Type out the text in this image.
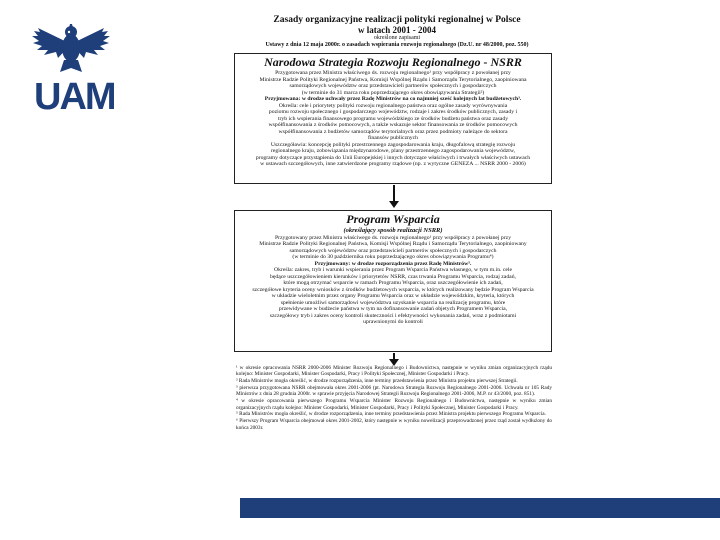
UAM
Zasady organizacyjne realizacji polityki regionalnej w Polsce
w latach 2001 - 2004
określone zapisami
Ustawy z dnia 12 maja 2000r. o zasadach wspierania rozwoju regionalnego (Dz.U. nr 48/2000, poz. 550)
Narodowa Strategia Rozwoju Regionalnego - NSRR
Przygotowana przez Ministra właściwego ds. rozwoju regionalnego¹ przy współpracy z powołanej przy
Ministrze Radzie Polityki Regionalnej Państwa, Komisji Wspólnej Rządu i Samorządu Terytorialnego, zaopiniowana
samorządowych województw oraz przedstawicieli partnerów społecznych i gospodarczych
(w terminie do 31 marca roku poprzedzającego okres obowiązywania Strategii²)
Przyjmowana: w drodze uchwały przez Radę Ministrów na co najmniej sześć kolejnych lat budżetowych³.
Określa: cele i priorytety polityki rozwoju regionalnego państwa oraz ogólne zasady wyrównywania
poziomu rozwoju społecznego i gospodarczego województw, rodzaje i zakres środków publicznych, zasady i
tryb ich wspierania finansowego programu wojewódzkiego ze środków budżetu państwa oraz zasady
współfinansowania z środków pomocowych, a także wskazuje sektor finansowania ze środków pomocowych
współfinansowania z budżetów samorządów terytorialnych oraz przez podmioty należące do sektora
finansów publicznych
Uszczegóławia: koncepcję polityki przestrzennego zagospodarowania kraju, długofalową strategię rozwoju
regionalnego kraju, zobowiązania międzynarodowe, plany przestrzennego zagospodarowania województw,
programy dotyczące przystąpienia do Unii Europejskiej i innych dotyczące właściwych i trwałych właściwych ustawach
w ustawach szczegółowych, inne zatwierdzone programy rządowe (np. z wytyczne GENEZA ... NSRR 2000 - 2006)
Program Wsparcia
(określający sposób realizacji NSRR)
Przygotowany przez Ministra właściwego ds. rozwoju regionalnego¹ przy współpracy z powołanej przy
Ministrze Radzie Polityki Regionalnej Państwa, Komisji Wspólnej Rządu i Samorządu Terytorialnego, zaopiniowany
samorządowych województw oraz przedstawicieli partnerów społecznych i gospodarczych
(w terminie do 30 października roku poprzedzającego okres obowiązywania Programu⁴)
Przyjmowany: w drodze rozporządzenia przez Radę Ministrów⁵.
Określa: zakres, tryb i warunki wspierania przez Program Wsparcia Państwa własnego, w tym m.in. cele
będące uszczegółowieniem kierunków i priorytetów NSRR, czas trwania Programu Wsparcia, rodzaj zadań,
które mogą otrzymać wsparcie w ramach Programu Wsparcia, oraz uszczegółowienie ich zadań,
szczegółowe kryteria oceny wniosków z środków budżetowych wsparcia, w których realizowany będzie Program Wsparcia
w układzie wieloletnim przez organy Programu Wsparcia oraz w układzie wojewódzkim, kryteria, których
spełnienie umożliwi samorządowi województwa uzyskanie wsparcia na realizację programu, które
przewidywane w budżecie państwa w tym na dofinansowanie zadań objetych Programem Wsparcia,
szczegółowy tryb i zakres oceny kontroli skuteczności i efektywności wykonania zadań, wraz z podmiotami
uprawnionymi do kontroli

¹ w okresie opracowania NSRR 2000-2006 Minister Rozwoju Regionalnego i Budownictwa, następnie w wyniku zmian organizacyjnych rządu kolejno: Minister Gospodarki, Minister Gospodarki, Pracy i Polityki Społecznej, Minister Gospodarki i Pracy.

² Rada Ministrów mogła określić, w drodze rozporządzenia, inne terminy przedstawienia przez Ministra projektu pierwszej Strategii.

³ pierwsza przygotowana NSRR obejmowała okres 2001-2006 (pt. Narodowa Strategia Rozwoju Regionalnego 2001-2006. Uchwała nr 105 Rady Ministrów z dnia 28 grudnia 2000r. w sprawie przyjęcia Narodowej Strategii Rozwoju Regionalnego 2001-2006, M.P. nr 43/2000, poz. 851).

⁴ w okresie opracowania pierwszego Programu Wsparcia Minister Rozwoju Regionalnego i Budownictwa, następnie w wyniku zmian organizacyjnych rządu kolejno: Minister Gospodarki, Minister Gospodarki, Pracy i Polityki Społecznej, Minister Gospodarki i Pracy.

⁵ Rada Ministrów mogła określić, w drodze rozporządzenia, inne terminy przedstawienia przez Ministra projektu pierwszego Programu Wsparcia.

⁶ Pierwszy Program Wsparcia obejmował okres 2001-2002, który następnie w wyniku nowelizacji przeprowadzonej przez rząd został wydłużony do końca 2003r.
